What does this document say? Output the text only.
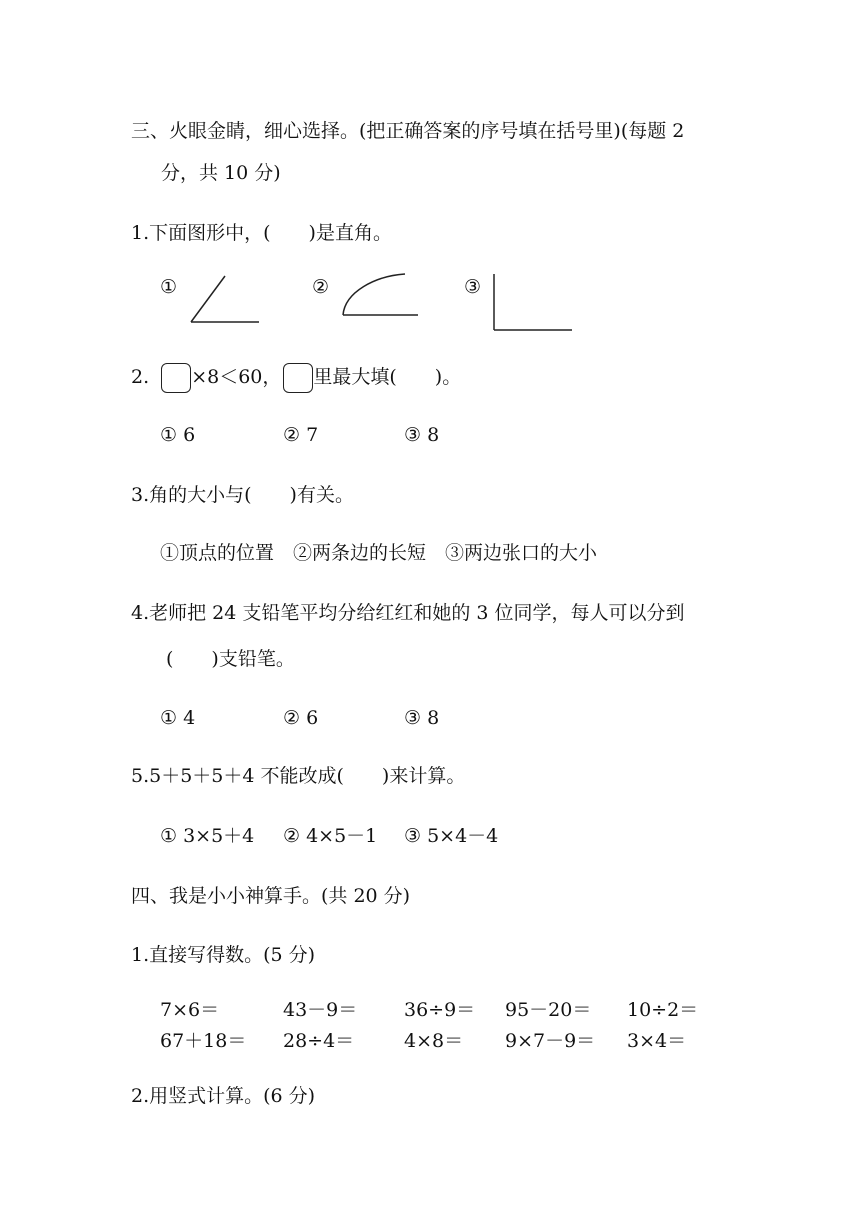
三、火眼金睛，细心选择。(把正确答案的序号填在括号里)(每题 2
分，共 10 分)
1.下面图形中，(　　)是直角。
①	②	③
2. ×8＜60， 里最大填(　　)。
① 6	② 7	③ 8
3.角的大小与(　　)有关。
①顶点的位置　②两条边的长短　③两边张口的大小
4.老师把 24 支铅笔平均分给红红和她的 3 位同学，每人可以分到
(　　)支铅笔。
① 4	② 6	③ 8
5.5＋5＋5＋4 不能改成(　　)来计算。
① 3×5＋4 ② 4×5－1 ③ 5×4－4
四、我是小小神算手。(共 20 分)
1.直接写得数。(5 分)
7×6＝	43－9＝ 36÷9＝ 95－20＝ 10÷2＝
67＋18＝ 28÷4＝	4×8＝ 9×7－9＝ 3×4＝
2.用竖式计算。(6 分)
